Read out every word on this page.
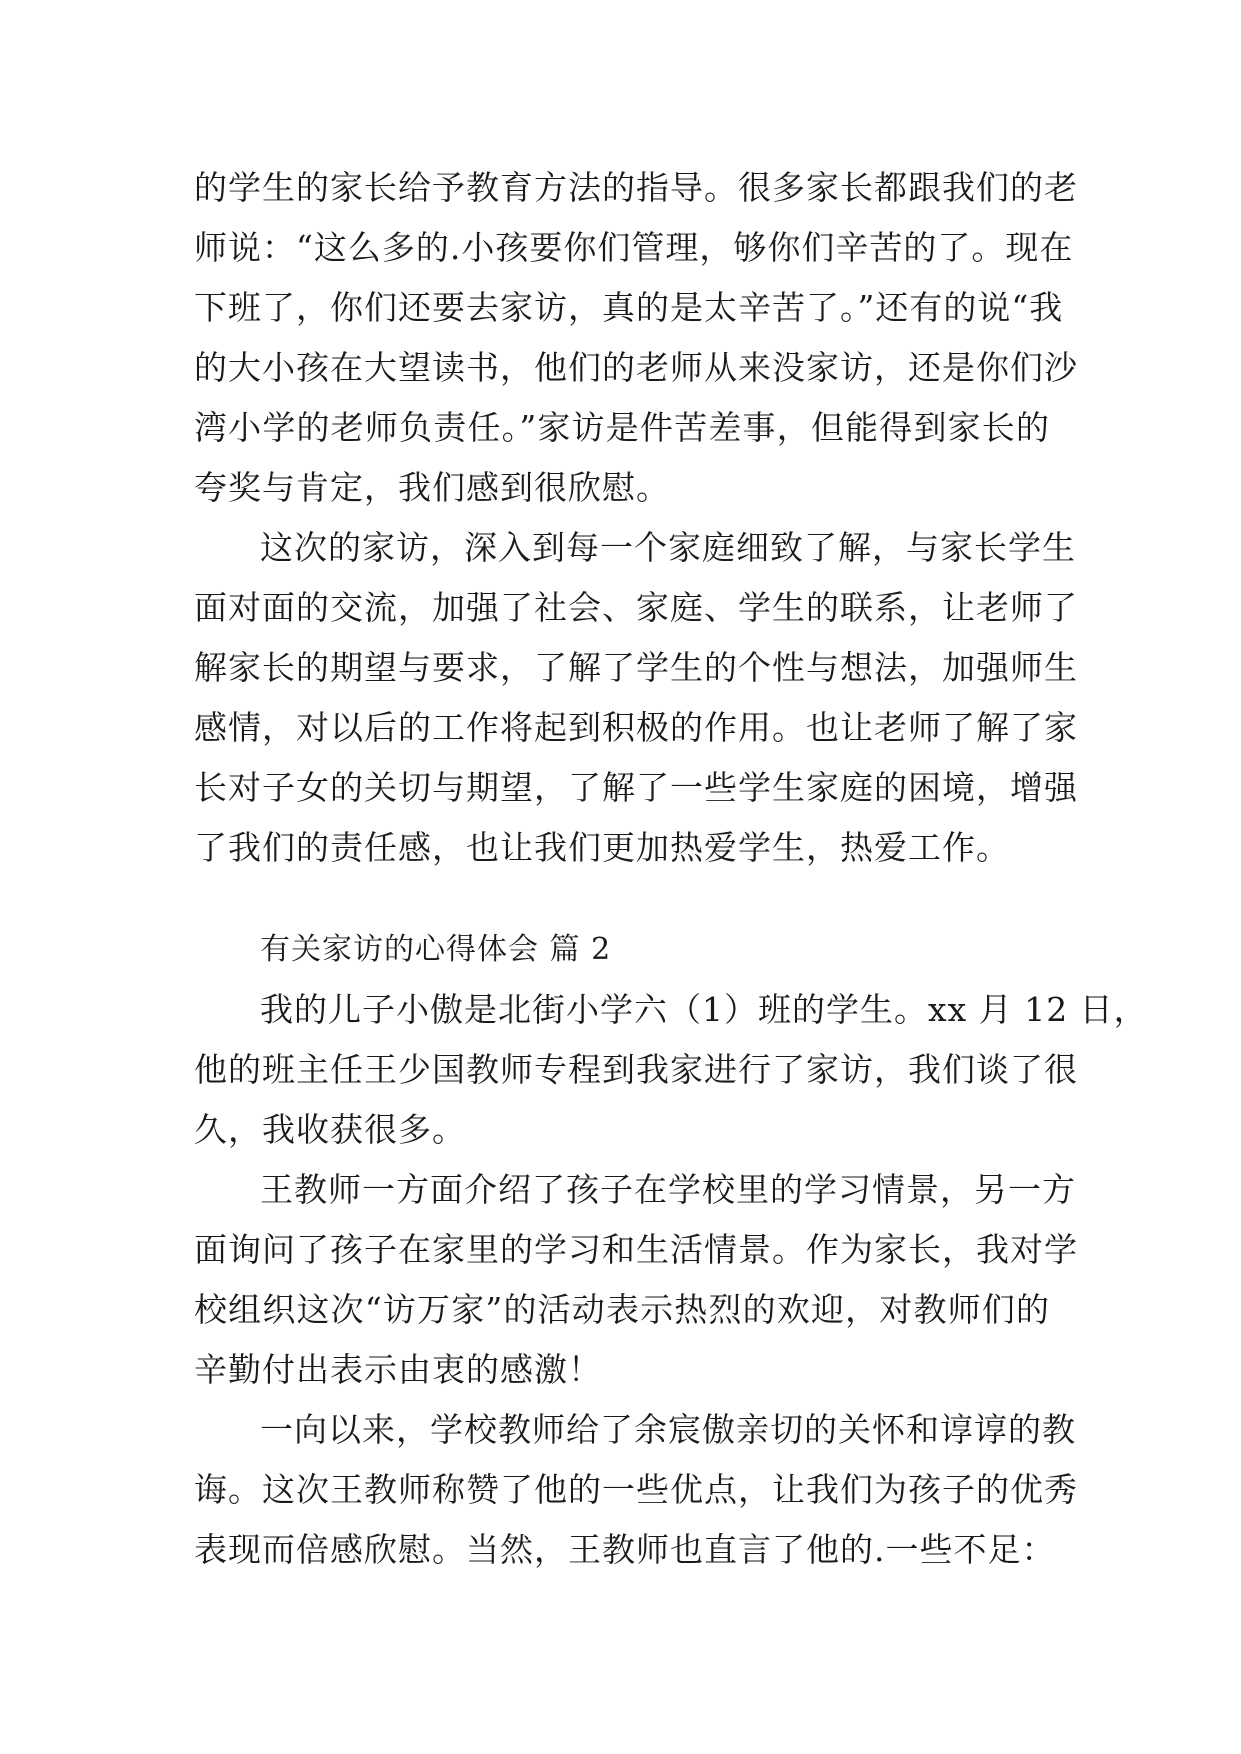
的学生的家长给予教育方法的指导。很多家长都跟我们的老
师说：“这么多的.小孩要你们管理，够你们辛苦的了。现在
下班了，你们还要去家访，真的是太辛苦了。”还有的说“我
的大小孩在大望读书，他们的老师从来没家访，还是你们沙
湾小学的老师负责任。”家访是件苦差事，但能得到家长的
夸奖与肯定，我们感到很欣慰。
这次的家访，深入到每一个家庭细致了解，与家长学生
面对面的交流，加强了社会、家庭、学生的联系，让老师了
解家长的期望与要求，了解了学生的个性与想法，加强师生
感情，对以后的工作将起到积极的作用。也让老师了解了家
长对子女的关切与期望，了解了一些学生家庭的困境，增强
了我们的责任感，也让我们更加热爱学生，热爱工作。
有关家访的心得体会 篇 2
我的儿子小傲是北街小学六（1）班的学生。xx 月 12 日，
他的班主任王少国教师专程到我家进行了家访，我们谈了很
久，我收获很多。
王教师一方面介绍了孩子在学校里的学习情景，另一方
面询问了孩子在家里的学习和生活情景。作为家长，我对学
校组织这次“访万家”的活动表示热烈的欢迎，对教师们的
辛勤付出表示由衷的感激！
一向以来，学校教师给了余宸傲亲切的关怀和谆谆的教
诲。这次王教师称赞了他的一些优点，让我们为孩子的优秀
表现而倍感欣慰。当然，王教师也直言了他的.一些不足：
